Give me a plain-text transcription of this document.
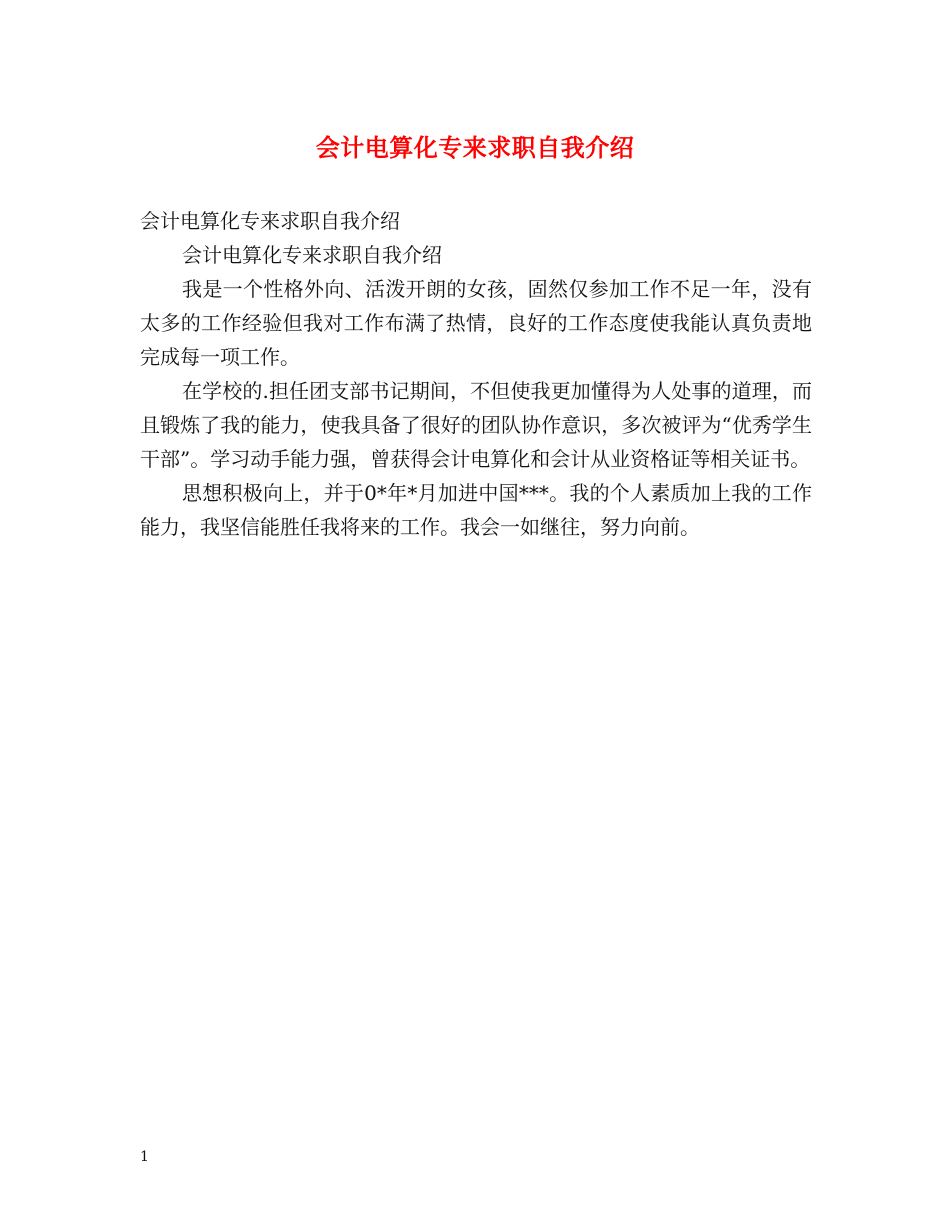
会计电算化专来求职自我介绍

会计电算化专来求职自我介绍

会计电算化专来求职自我介绍

我是一个性格外向、活泼开朗的女孩，固然仅参加工作不足一年，没有太多的工作经验但我对工作布满了热情，良好的工作态度使我能认真负责地完成每一项工作。

在学校的.担任团支部书记期间，不但使我更加懂得为人处事的道理，而且锻炼了我的能力，使我具备了很好的团队协作意识，多次被评为“优秀学生干部”。学习动手能力强，曾获得会计电算化和会计从业资格证等相关证书。

思想积极向上，并于0*年*月加进中国***。我的个人素质加上我的工作能力，我坚信能胜任我将来的工作。我会一如继往，努力向前。

1
